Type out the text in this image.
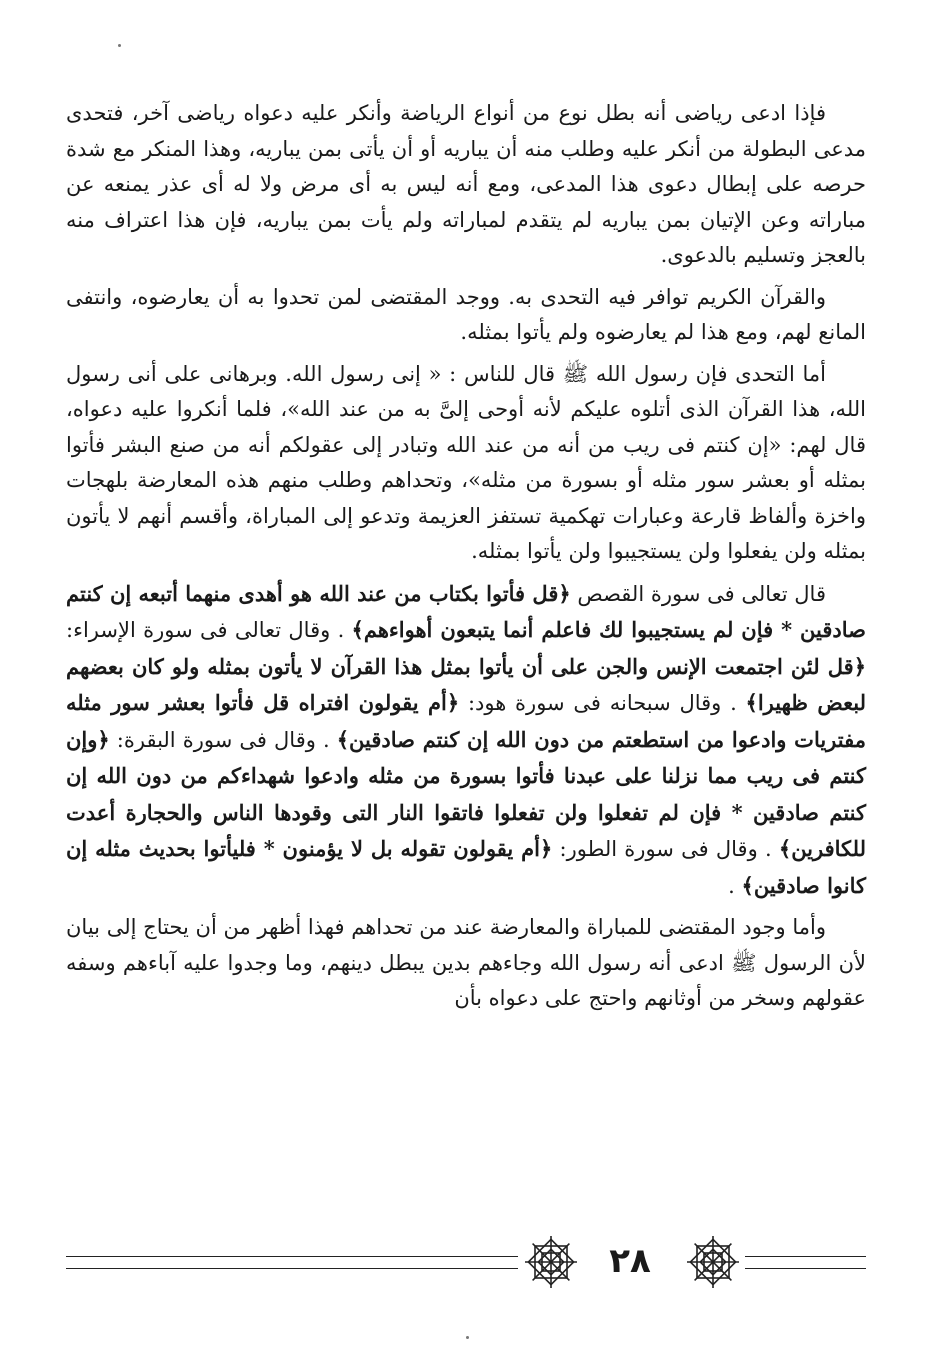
فإذا ادعى رياضى أنه بطل نوع من أنواع الرياضة وأنكر عليه دعواه رياضى آخر، فتحدى مدعى البطولة من أنكر عليه وطلب منه أن يباريه أو أن يأتى بمن يباريه، وهذا المنكر مع شدة حرصه على إبطال دعوى هذا المدعى، ومع أنه ليس به أى مرض ولا له أى عذر يمنعه عن مباراته وعن الإتيان بمن يباريه لم يتقدم لمباراته ولم يأت بمن يباريه، فإن هذا اعتراف منه بالعجز وتسليم بالدعوى.

والقرآن الكريم توافر فيه التحدى به. ووجد المقتضى لمن تحدوا به أن يعارضوه، وانتفى المانع لهم، ومع هذا لم يعارضوه ولم يأتوا بمثله.

أما التحدى فإن رسول الله ﷺ قال للناس : « إنى رسول الله. وبرهانى على أنى رسول الله، هذا القرآن الذى أتلوه عليكم لأنه أوحى إلىَّ به من عند الله»، فلما أنكروا عليه دعواه، قال لهم: «إن كنتم فى ريب من أنه من عند الله وتبادر إلى عقولكم أنه من صنع البشر فأتوا بمثله أو بعشر سور مثله أو بسورة من مثله»، وتحداهم وطلب منهم هذه المعارضة بلهجات واخزة وألفاظ قارعة وعبارات تهكمية تستفز العزيمة وتدعو إلى المباراة، وأقسم أنهم لا يأتون بمثله ولن يفعلوا ولن يستجيبوا ولن يأتوا بمثله.

قال تعالى فى سورة القصص ﴿قل فأتوا بكتاب من عند الله هو أهدى منهما أتبعه إن كنتم صادقين * فإن لم يستجيبوا لك فاعلم أنما يتبعون أهواءهم﴾ . وقال تعالى فى سورة الإسراء: ﴿قل لئن اجتمعت الإنس والجن على أن يأتوا بمثل هذا القرآن لا يأتون بمثله ولو كان بعضهم لبعض ظهيرا﴾ . وقال سبحانه فى سورة هود: ﴿أم يقولون افتراه قل فأتوا بعشر سور مثله مفتريات وادعوا من استطعتم من دون الله إن كنتم صادقين﴾ . وقال فى سورة البقرة: ﴿وإن كنتم فى ريب مما نزلنا على عبدنا فأتوا بسورة من مثله وادعوا شهداءكم من دون الله إن كنتم صادقين * فإن لم تفعلوا ولن تفعلوا فاتقوا النار التى وقودها الناس والحجارة أعدت للكافرين﴾ . وقال فى سورة الطور: ﴿أم يقولون تقوله بل لا يؤمنون * فليأتوا بحديث مثله إن كانوا صادقين﴾ .

وأما وجود المقتضى للمباراة والمعارضة عند من تحداهم فهذا أظهر من أن يحتاج إلى بيان لأن الرسول ﷺ ادعى أنه رسول الله وجاءهم بدين يبطل دينهم، وما وجدوا عليه آباءهم وسفه عقولهم وسخر من أوثانهم واحتج على دعواه بأن

٢٨
